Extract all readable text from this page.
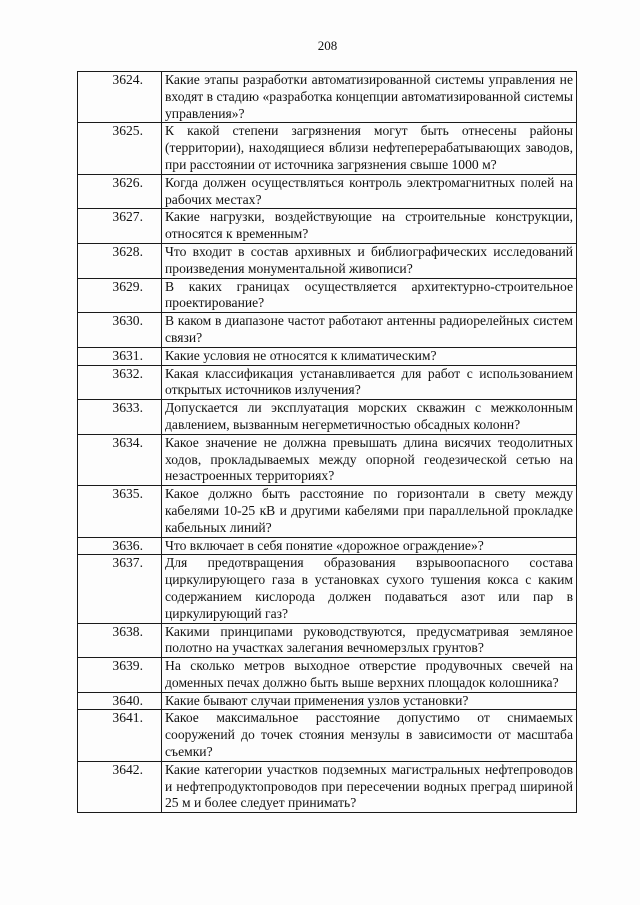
208
3624.	Какие этапы разработки автоматизированной системы управления не входят в стадию «разработка концепции автоматизированной системы управления»?
3625.	К какой степени загрязнения могут быть отнесены районы (территории), находящиеся вблизи нефтеперерабатывающих заводов, при расстоянии от источника загрязнения свыше 1000 м?
3626.	Когда должен осуществляться контроль электромагнитных полей на рабочих местах?
3627.	Какие нагрузки, воздействующие на строительные конструкции, относятся к временным?
3628.	Что входит в состав архивных и библиографических исследований произведения монументальной живописи?
3629.	В каких границах осуществляется архитектурно-строительное проектирование?
3630.	В каком в диапазоне частот работают антенны радиорелейных систем связи?
3631.	Какие условия не относятся к климатическим?
3632.	Какая классификация устанавливается для работ с использованием открытых источников излучения?
3633.	Допускается ли эксплуатация морских скважин с межколонным давлением, вызванным негерметичностью обсадных колонн?
3634.	Какое значение не должна превышать длина висячих теодолитных ходов, прокладываемых между опорной геодезической сетью на незастроенных территориях?
3635.	Какое должно быть расстояние по горизонтали в свету между кабелями 10-25 кВ и другими кабелями при параллельной прокладке кабельных линий?
3636.	Что включает в себя понятие «дорожное ограждение»?
3637.	Для предотвращения образования взрывоопасного состава циркулирующего газа в установках сухого тушения кокса с каким содержанием кислорода должен подаваться азот или пар в циркулирующий газ?
3638.	Какими принципами руководствуются, предусматривая земляное полотно на участках залегания вечномерзлых грунтов?
3639.	На сколько метров выходное отверстие продувочных свечей на доменных печах должно быть выше верхних площадок колошника?
3640.	Какие бывают случаи применения узлов установки?
3641.	Какое максимальное расстояние допустимо от снимаемых сооружений до точек стояния мензулы в зависимости от масштаба съемки?
3642.	Какие категории участков подземных магистральных нефтепроводов и нефтепродуктопроводов при пересечении водных преград шириной 25 м и более следует принимать?
